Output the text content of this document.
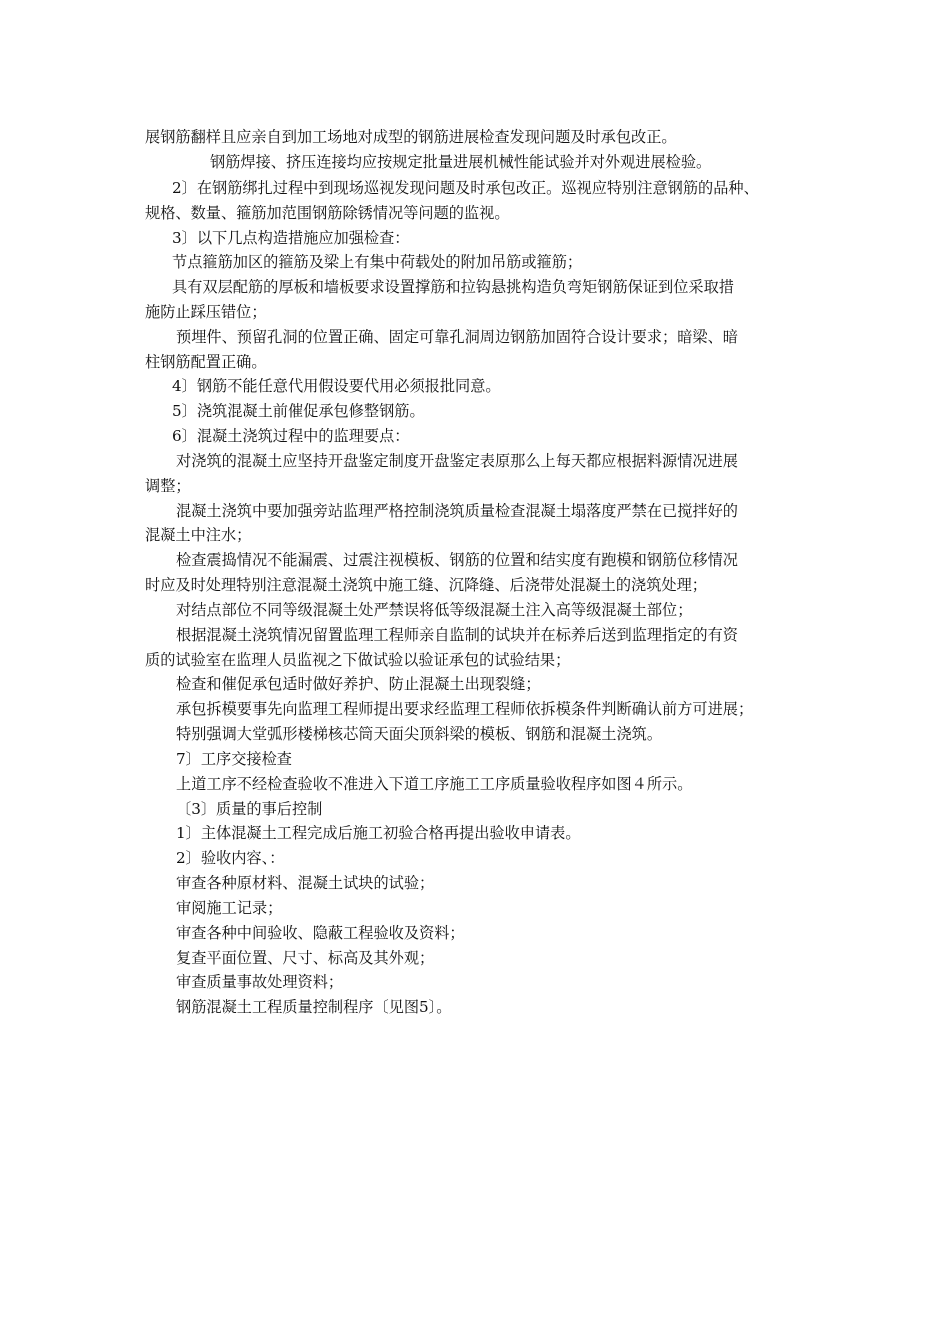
展钢筋翻样且应亲自到加工场地对成型的钢筋进展检查发现问题及时承包改正。

钢筋焊接、挤压连接均应按规定批量进展机械性能试验并对外观进展检验。

2〕在钢筋绑扎过程中到现场巡视发现问题及时承包改正。巡视应特别注意钢筋的品种、

规格、数量、箍筋加范围钢筋除锈情况等问题的监视。

3〕以下几点构造措施应加强检查：

节点箍筋加区的箍筋及梁上有集中荷载处的附加吊筋或箍筋；

具有双层配筋的厚板和墙板要求设置撑筋和拉钩悬挑构造负弯矩钢筋保证到位采取措

施防止踩压错位；

预埋件、预留孔洞的位置正确、固定可靠孔洞周边钢筋加固符合设计要求；暗梁、暗

柱钢筋配置正确。

4〕钢筋不能任意代用假设要代用必须报批同意。

5〕浇筑混凝土前催促承包修整钢筋。

6〕混凝土浇筑过程中的监理要点：

对浇筑的混凝土应坚持开盘鉴定制度开盘鉴定表原那么上每天都应根据料源情况进展

调整；

混凝土浇筑中要加强旁站监理严格控制浇筑质量检查混凝土塌落度严禁在已搅拌好的

混凝土中注水；

检查震捣情况不能漏震、过震注视模板、钢筋的位置和结实度有跑模和钢筋位移情况

时应及时处理特别注意混凝土浇筑中施工缝、沉降缝、后浇带处混凝土的浇筑处理；

对结点部位不同等级混凝土处严禁误将低等级混凝土注入高等级混凝土部位；

根据混凝土浇筑情况留置监理工程师亲自监制的试块并在标养后送到监理指定的有资

质的试验室在监理人员监视之下做试验以验证承包的试验结果；

检查和催促承包适时做好养护、防止混凝土出现裂缝；

承包拆模要事先向监理工程师提出要求经监理工程师依拆模条件判断确认前方可进展；

特别强调大堂弧形楼梯核芯筒天面尖顶斜梁的模板、钢筋和混凝土浇筑。

7〕工序交接检查

上道工序不经检查验收不准进入下道工序施工工序质量验收程序如图４所示。

〔3〕质量的事后控制

1〕主体混凝土工程完成后施工初验合格再提出验收申请表。

2〕验收内容、：

审查各种原材料、混凝土试块的试验；

审阅施工记录；

审查各种中间验收、隐蔽工程验收及资料；

复查平面位置、尺寸、标高及其外观；

审查质量事故处理资料；

钢筋混凝土工程质量控制程序〔见图5〕。
